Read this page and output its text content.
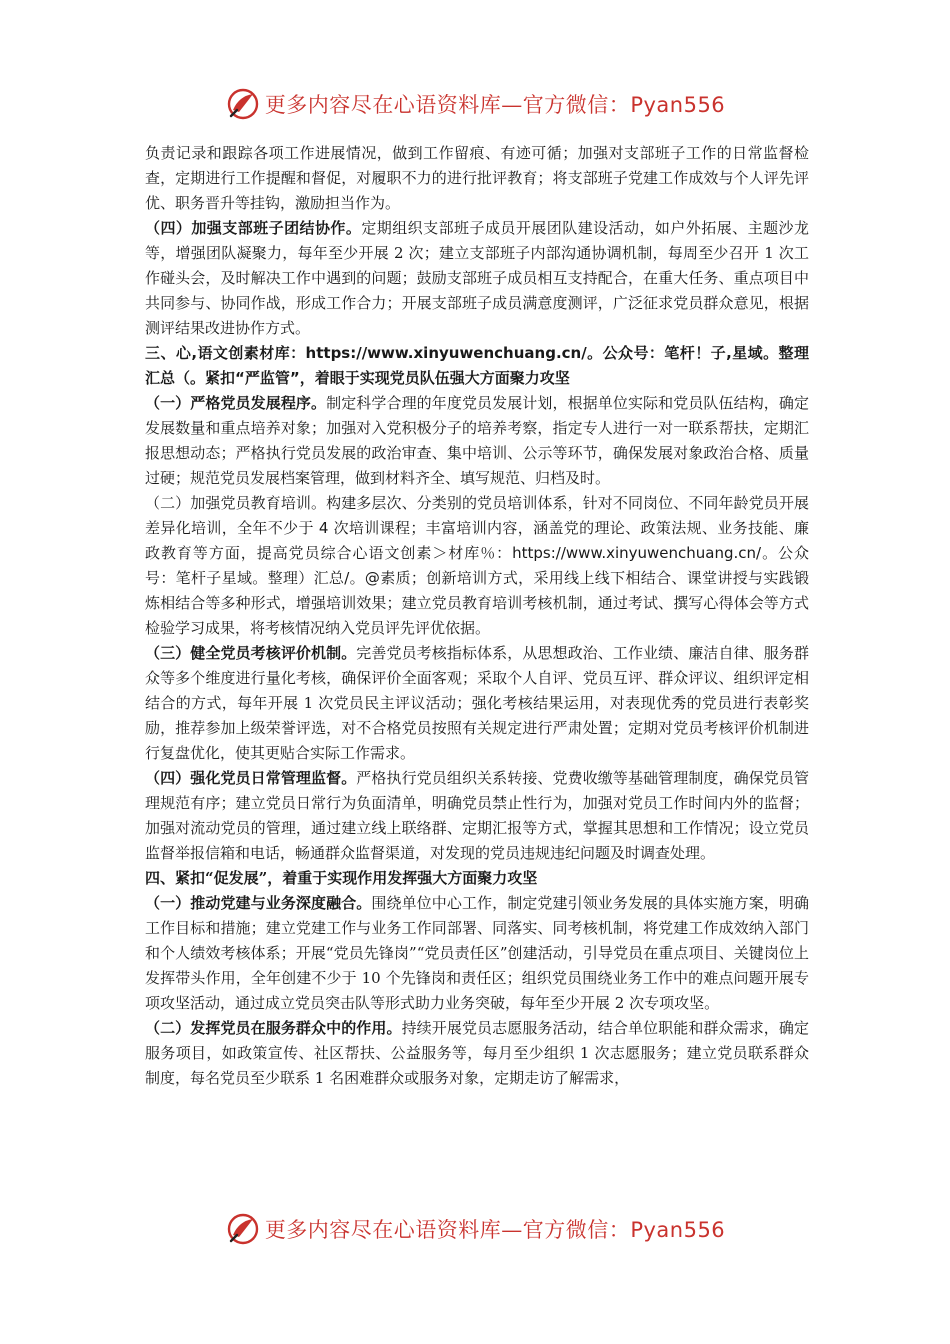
更多内容尽在心语资料库—官方微信：Pyan556

负责记录和跟踪各项工作进展情况，做到工作留痕、有迹可循；加强对支部班子工作的日常监督检查，定期进行工作提醒和督促，对履职不力的进行批评教育；将支部班子党建工作成效与个人评先评优、职务晋升等挂钩，激励担当作为。

（四）加强支部班子团结协作。定期组织支部班子成员开展团队建设活动，如户外拓展、主题沙龙等，增强团队凝聚力，每年至少开展 2 次；建立支部班子内部沟通协调机制，每周至少召开 1 次工作碰头会，及时解决工作中遇到的问题；鼓励支部班子成员相互支持配合，在重大任务、重点项目中共同参与、协同作战，形成工作合力；开展支部班子成员满意度测评，广泛征求党员群众意见，根据测评结果改进协作方式。

三、心,语文创素材库：https://www.xinyuwenchuang.cn/。公众号：笔杆！子,星域。整理汇总（。紧扣“严监管”，着眼于实现党员队伍强大方面聚力攻坚

（一）严格党员发展程序。制定科学合理的年度党员发展计划，根据单位实际和党员队伍结构，确定发展数量和重点培养对象；加强对入党积极分子的培养考察，指定专人进行一对一联系帮扶，定期汇报思想动态；严格执行党员发展的政治审查、集中培训、公示等环节，确保发展对象政治合格、质量过硬；规范党员发展档案管理，做到材料齐全、填写规范、归档及时。

（二）加强党员教育培训。构建多层次、分类别的党员培训体系，针对不同岗位、不同年龄党员开展差异化培训，全年不少于 4 次培训课程；丰富培训内容，涵盖党的理论、政策法规、业务技能、廉政教育等方面，提高党员综合心语文创素＞材库％：https://www.xinyuwenchuang.cn/。公众号：笔杆子星域。整理）汇总/。@素质；创新培训方式，采用线上线下相结合、课堂讲授与实践锻炼相结合等多种形式，增强培训效果；建立党员教育培训考核机制，通过考试、撰写心得体会等方式检验学习成果，将考核情况纳入党员评先评优依据。

（三）健全党员考核评价机制。完善党员考核指标体系，从思想政治、工作业绩、廉洁自律、服务群众等多个维度进行量化考核，确保评价全面客观；采取个人自评、党员互评、群众评议、组织评定相结合的方式，每年开展 1 次党员民主评议活动；强化考核结果运用，对表现优秀的党员进行表彰奖励，推荐参加上级荣誉评选，对不合格党员按照有关规定进行严肃处置；定期对党员考核评价机制进行复盘优化，使其更贴合实际工作需求。

（四）强化党员日常管理监督。严格执行党员组织关系转接、党费收缴等基础管理制度，确保党员管理规范有序；建立党员日常行为负面清单，明确党员禁止性行为，加强对党员工作时间内外的监督；加强对流动党员的管理，通过建立线上联络群、定期汇报等方式，掌握其思想和工作情况；设立党员监督举报信箱和电话，畅通群众监督渠道，对发现的党员违规违纪问题及时调查处理。

四、紧扣“促发展”，着重于实现作用发挥强大方面聚力攻坚

（一）推动党建与业务深度融合。围绕单位中心工作，制定党建引领业务发展的具体实施方案，明确工作目标和措施；建立党建工作与业务工作同部署、同落实、同考核机制，将党建工作成效纳入部门和个人绩效考核体系；开展“党员先锋岗”“党员责任区”创建活动，引导党员在重点项目、关键岗位上发挥带头作用，全年创建不少于 10 个先锋岗和责任区；组织党员围绕业务工作中的难点问题开展专项攻坚活动，通过成立党员突击队等形式助力业务突破，每年至少开展 2 次专项攻坚。

（二）发挥党员在服务群众中的作用。持续开展党员志愿服务活动，结合单位职能和群众需求，确定服务项目，如政策宣传、社区帮扶、公益服务等，每月至少组织 1 次志愿服务；建立党员联系群众制度，每名党员至少联系 1 名困难群众或服务对象，定期走访了解需求，

更多内容尽在心语资料库—官方微信：Pyan556
